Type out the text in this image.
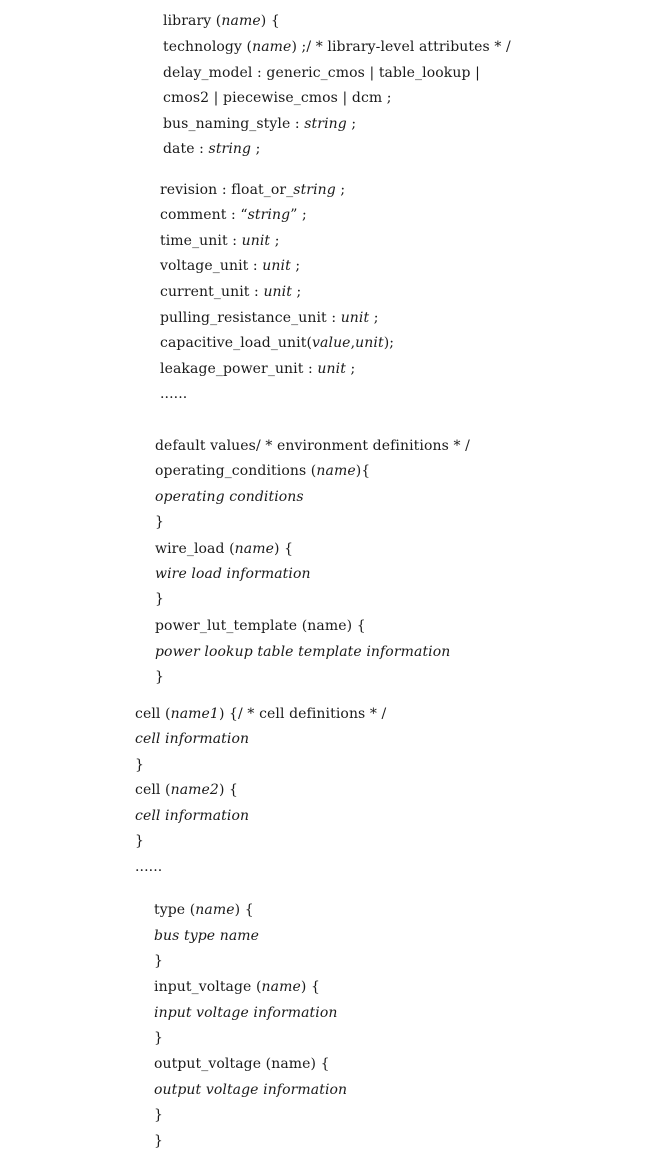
library (name) {
technology (name) ;/ * library-level attributes * /
delay_model : generic_cmos | table_lookup |
cmos2 | piecewise_cmos | dcm ;
bus_naming_style : string ;
date : string ;
revision : float_or_string ;
comment : “string” ;
time_unit : unit ;
voltage_unit : unit ;
current_unit : unit ;
pulling_resistance_unit : unit ;
capacitive_load_unit(value,unit);
leakage_power_unit : unit ;
......
default values/ * environment definitions * /
operating_conditions (name){
operating conditions
}
wire_load (name) {
wire load information
}
power_lut_template (name) {
power lookup table template information
}
cell (name1) {/ * cell definitions * /
cell information
}
cell (name2) {
cell information
}
......
type (name) {
bus type name
}
input_voltage (name) {
input voltage information
}
output_voltage (name) {
output voltage information
}
}
